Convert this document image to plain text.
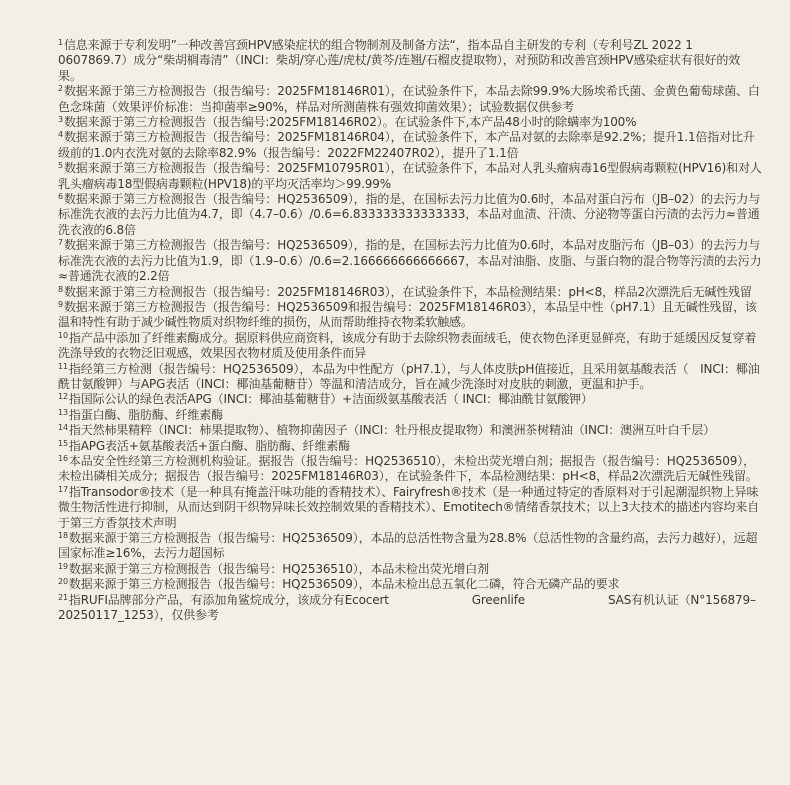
$^1$信息来源于专利发明”一种改善宫颈HPV感染症状的组合物制剂及制备方法“，指本品自主研发的专利（专利号ZL 2022 1 0607869.7）成分“柴胡榈毒清”（INCI：柴胡/穿心莲/虎杖/黄芩/连翘/石榴皮提取物），对预防和改善宫颈HPV感染症状有很好的效果。

$^2$数据来源于第三方检测报告（报告编号：2025FM18146R01），在试验条件下，本品去除99.9%大肠埃希氏菌、金黄色葡萄球菌、白色念珠菌（效果评价标准：当抑菌率≥90%，样品对所测菌株有强效抑菌效果）；试验数据仅供参考

$^3$数据来源于第三方检测报告（报告编号:2025FM18146R02）。在试验条件下,本产品48小时的除螨率为100%

$^4$数据来源于第三方检测报告（报告编号：2025FM18146R04），在试验条件下，本产品对氨的去除率是92.2%；提升1.1倍指对比升级前的1.0内衣洗对氨的去除率82.9%（报告编号：2022FM22407R02），提升了1.1倍

$^5$数据来源于第三方检测报告（报告编号：2025FM10795R01），在试验条件下，本品对人乳头瘤病毒16型假病毒颗粒(HPV16)和对人乳头瘤病毒18型假病毒颗粒(HPV18)的平均灭活率均＞99.99%

$^6$数据来源于第三方检测报告（报告编号：HQ2536509），指的是，在国标去污力比值为0.6时，本品对蛋白污布（JB–02）的去污力与标准洗衣液的去污力比值为4.7，即（4.7–0.6）/0.6=6.833333333333333，本品对血渍、汗渍、分泌物等蛋白污渍的去污力≈普通洗衣液的6.8倍

$^7$数据来源于第三方检测报告（报告编号：HQ2536509），指的是，在国标去污力比值为0.6时，本品对皮脂污布（JB–03）的去污力与标准洗衣液的去污力比值为1.9，即（1.9–0.6）/0.6=2.166666666666667，本品对油脂、皮脂、与蛋白物的混合物等污渍的去污力≈普通洗衣液的2.2倍

$^8$数据来源于第三方检测报告（报告编号：2025FM18146R03），在试验条件下，本品检测结果：pH<8，样品2次漂洗后无碱性残留

$^9$数据来源于第三方检测报告（报告编号：HQ2536509和报告编号：2025FM18146R03），本品呈中性（pH7.1）且无碱性残留，该温和特性有助于减少碱性物质对织物纤维的损伤，从而帮助维持衣物柔软触感。

$^{10}$指产品中添加了纤维素酶成分。据原料供应商资料，该成分有助于去除织物表面绒毛，使衣物色泽更显鲜亮，有助于延缓因反复穿着洗涤导致的衣物泛旧观感，效果因衣物材质及使用条件而异

$^{11}$指经第三方检测（报告编号：HQ2536509），本品为中性配方（pH7.1），与人体皮肤pH值接近，且采用氨基酸表活（　INCI：椰油酰甘氨酸钾）与APG表活（INCI：椰油基葡糖苷）等温和清洁成分，旨在减少洗涤时对皮肤的刺激，更温和护手。

$^{12}$指国际公认的绿色表活APG（INCI：椰油基葡糖苷）+洁面级氨基酸表活（ INCI：椰油酰甘氨酸钾）

$^{13}$指蛋白酶、脂肪酶、纤维素酶

$^{14}$指天然柿果精粹（INCI：柿果提取物）、植物抑菌因子（INCI：牡丹根皮提取物）和澳洲茶树精油（INCI：澳洲互叶白千层）

$^{15}$指APG表活+氨基酸表活+蛋白酶、脂肪酶、纤维素酶

$^{16}$本品安全性经第三方检测机构验证。据报告（报告编号：HQ2536510），未检出荧光增白剂；据报告（报告编号：HQ2536509），未检出磷相关成分；据报告（报告编号：2025FM18146R03），在试验条件下，本品检测结果：pH<8，样品2次漂洗后无碱性残留。

$^{17}$指Transodor®技术（是一种具有掩盖汗味功能的香精技术）、Fairyfresh®技术（是一种通过特定的香原料对于引起潮湿织物上异味微生物活性进行抑制，从而达到阴干织物异味长效控制效果的香精技术）、Emotitech®情绪香氛技术；以上3大技术的描述内容均来自于第三方香氛技术声明

$^{18}$数据来源于第三方检测报告（报告编号：HQ2536509），本品的总活性物含量为28.8%（总活性物的含量约高，去污力越好），远超国家标准≥16%，去污力超国标

$^{19}$数据来源于第三方检测报告（报告编号：HQ2536510），本品未检出荧光增白剂

$^{20}$数据来源于第三方检测报告（报告编号：HQ2536509），本品未检出总五氧化二磷，符合无磷产品的要求

$^{21}$指RUFI品牌部分产品，有添加角鲨烷成分，该成分有Ecocert　　　　　　　Greenlife　　　　　　　SAS有机认证（N°156879–20250117_1253），仅供参考
